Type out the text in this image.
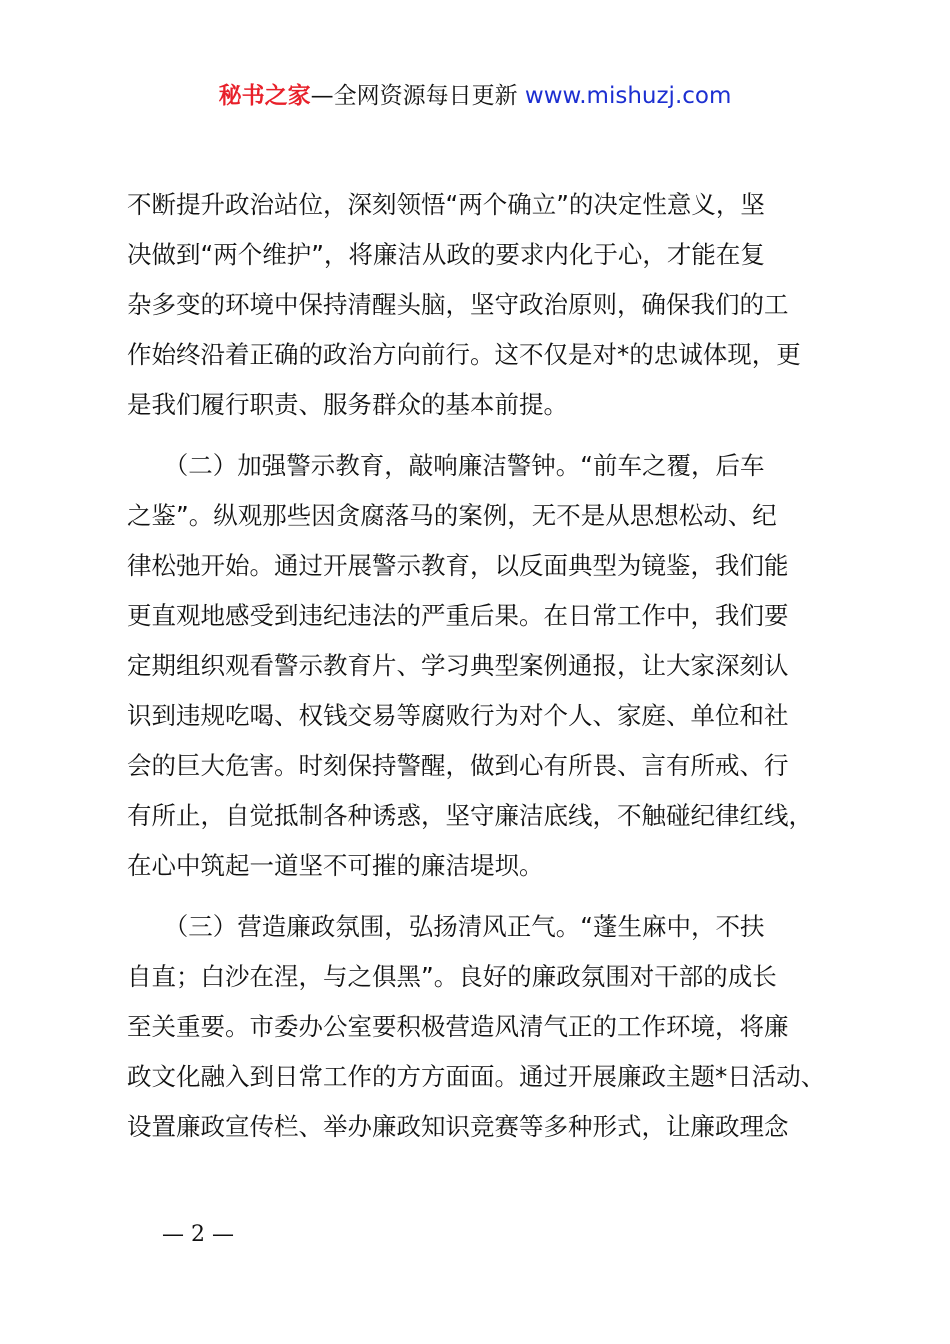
秘书之家—全网资源每日更新 www.mishuzj.com
不断提升政治站位，深刻领悟“两个确立”的决定性意义，坚
决做到“两个维护”，将廉洁从政的要求内化于心，才能在复
杂多变的环境中保持清醒头脑，坚守政治原则，确保我们的工
作始终沿着正确的政治方向前行。这不仅是对*的忠诚体现，更
是我们履行职责、服务群众的基本前提。
　　（二）加强警示教育，敲响廉洁警钟。“前车之覆，后车
之鉴”。纵观那些因贪腐落马的案例，无不是从思想松动、纪
律松弛开始。通过开展警示教育，以反面典型为镜鉴，我们能
更直观地感受到违纪违法的严重后果。在日常工作中，我们要
定期组织观看警示教育片、学习典型案例通报，让大家深刻认
识到违规吃喝、权钱交易等腐败行为对个人、家庭、单位和社
会的巨大危害。时刻保持警醒，做到心有所畏、言有所戒、行
有所止，自觉抵制各种诱惑，坚守廉洁底线，不触碰纪律红线，
在心中筑起一道坚不可摧的廉洁堤坝。
　　（三）营造廉政氛围，弘扬清风正气。“蓬生麻中，不扶
自直；白沙在涅，与之俱黑”。良好的廉政氛围对干部的成长
至关重要。市委办公室要积极营造风清气正的工作环境，将廉
政文化融入到日常工作的方方面面。通过开展廉政主题*日活动、
设置廉政宣传栏、举办廉政知识竞赛等多种形式，让廉政理念
— 2 —
